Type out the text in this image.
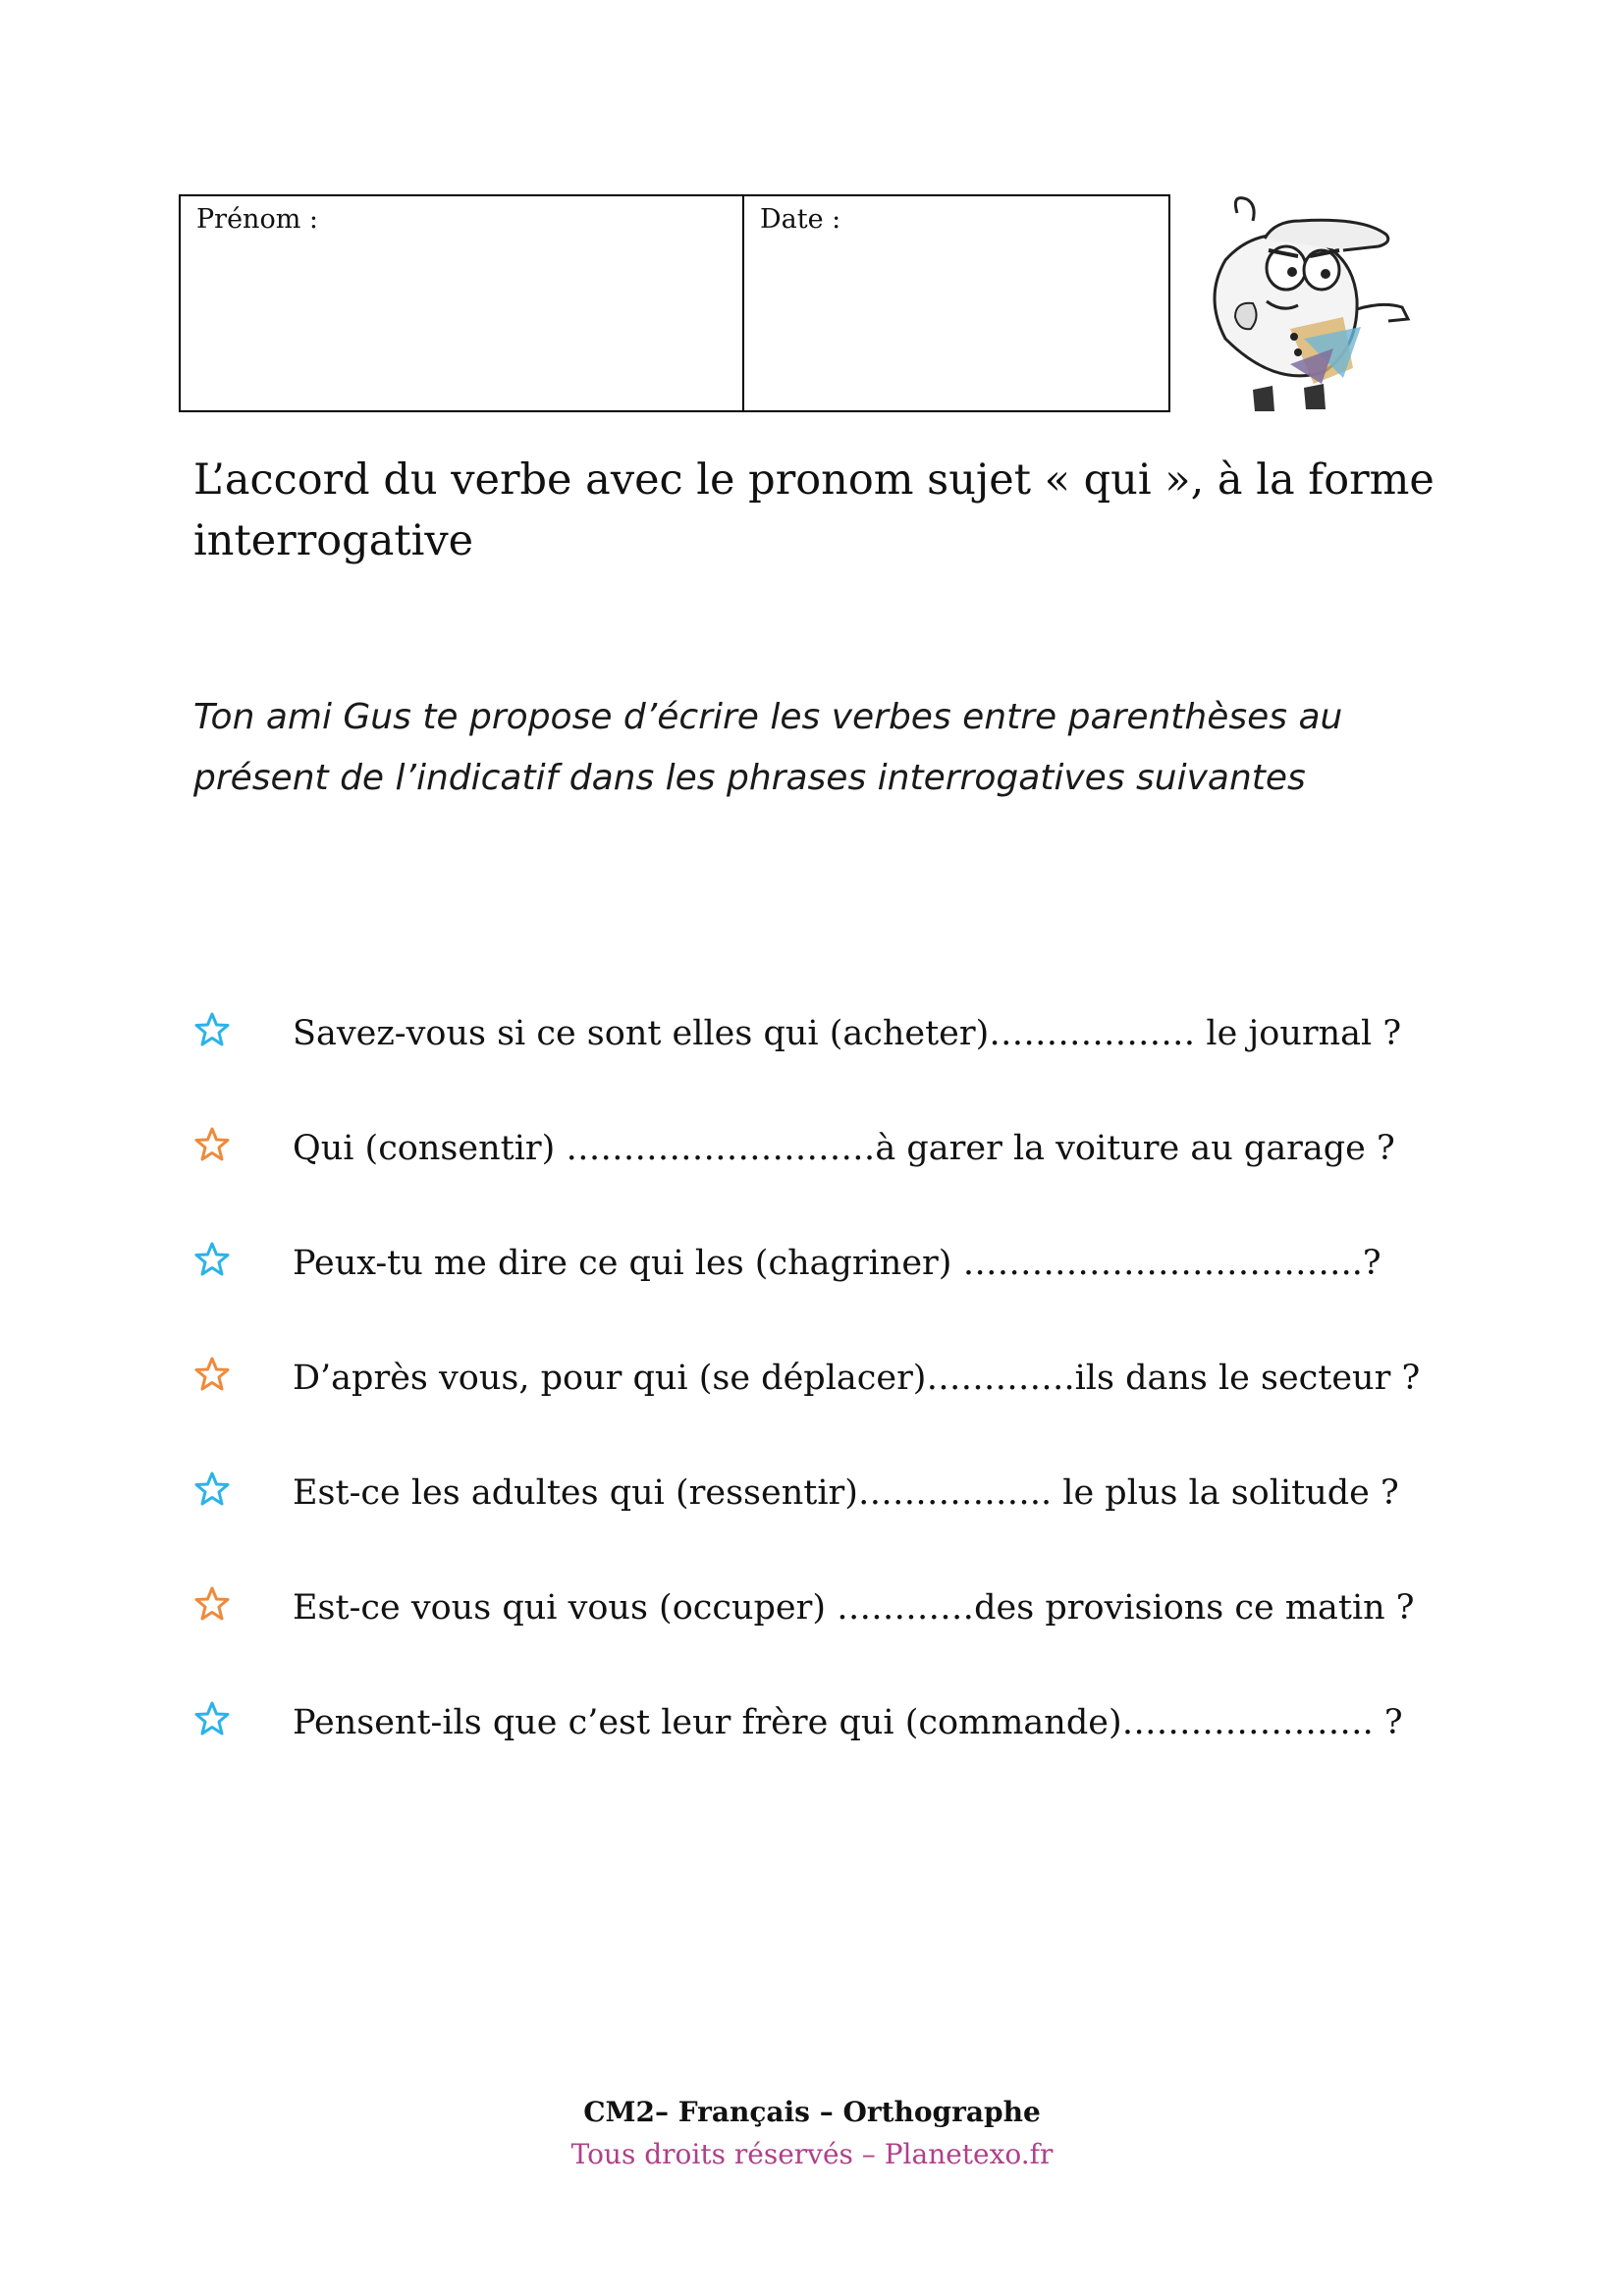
Prénom :	Date :
L’accord du verbe avec le pronom sujet « qui », à la forme interrogative

Ton ami Gus te propose d’écrire les verbes entre parenthèses au présent de l’indicatif dans les phrases interrogatives suivantes

Savez-vous si ce sont elles qui (acheter)……………… le journal ?
Qui (consentir) ………………………à garer la voiture au garage ?
Peux-tu me dire ce qui les (chagriner) ……………………………..?
D’après vous, pour qui (se déplacer)………….ils dans le secteur ?
Est-ce les adultes qui (ressentir)…………….. le plus la solitude ?
Est-ce vous qui vous (occuper) …………des provisions ce matin ?
Pensent-ils que c’est leur frère qui (commande)…………………. ?
CM2– Français – Orthographe
Tous droits réservés – Planetexo.fr
